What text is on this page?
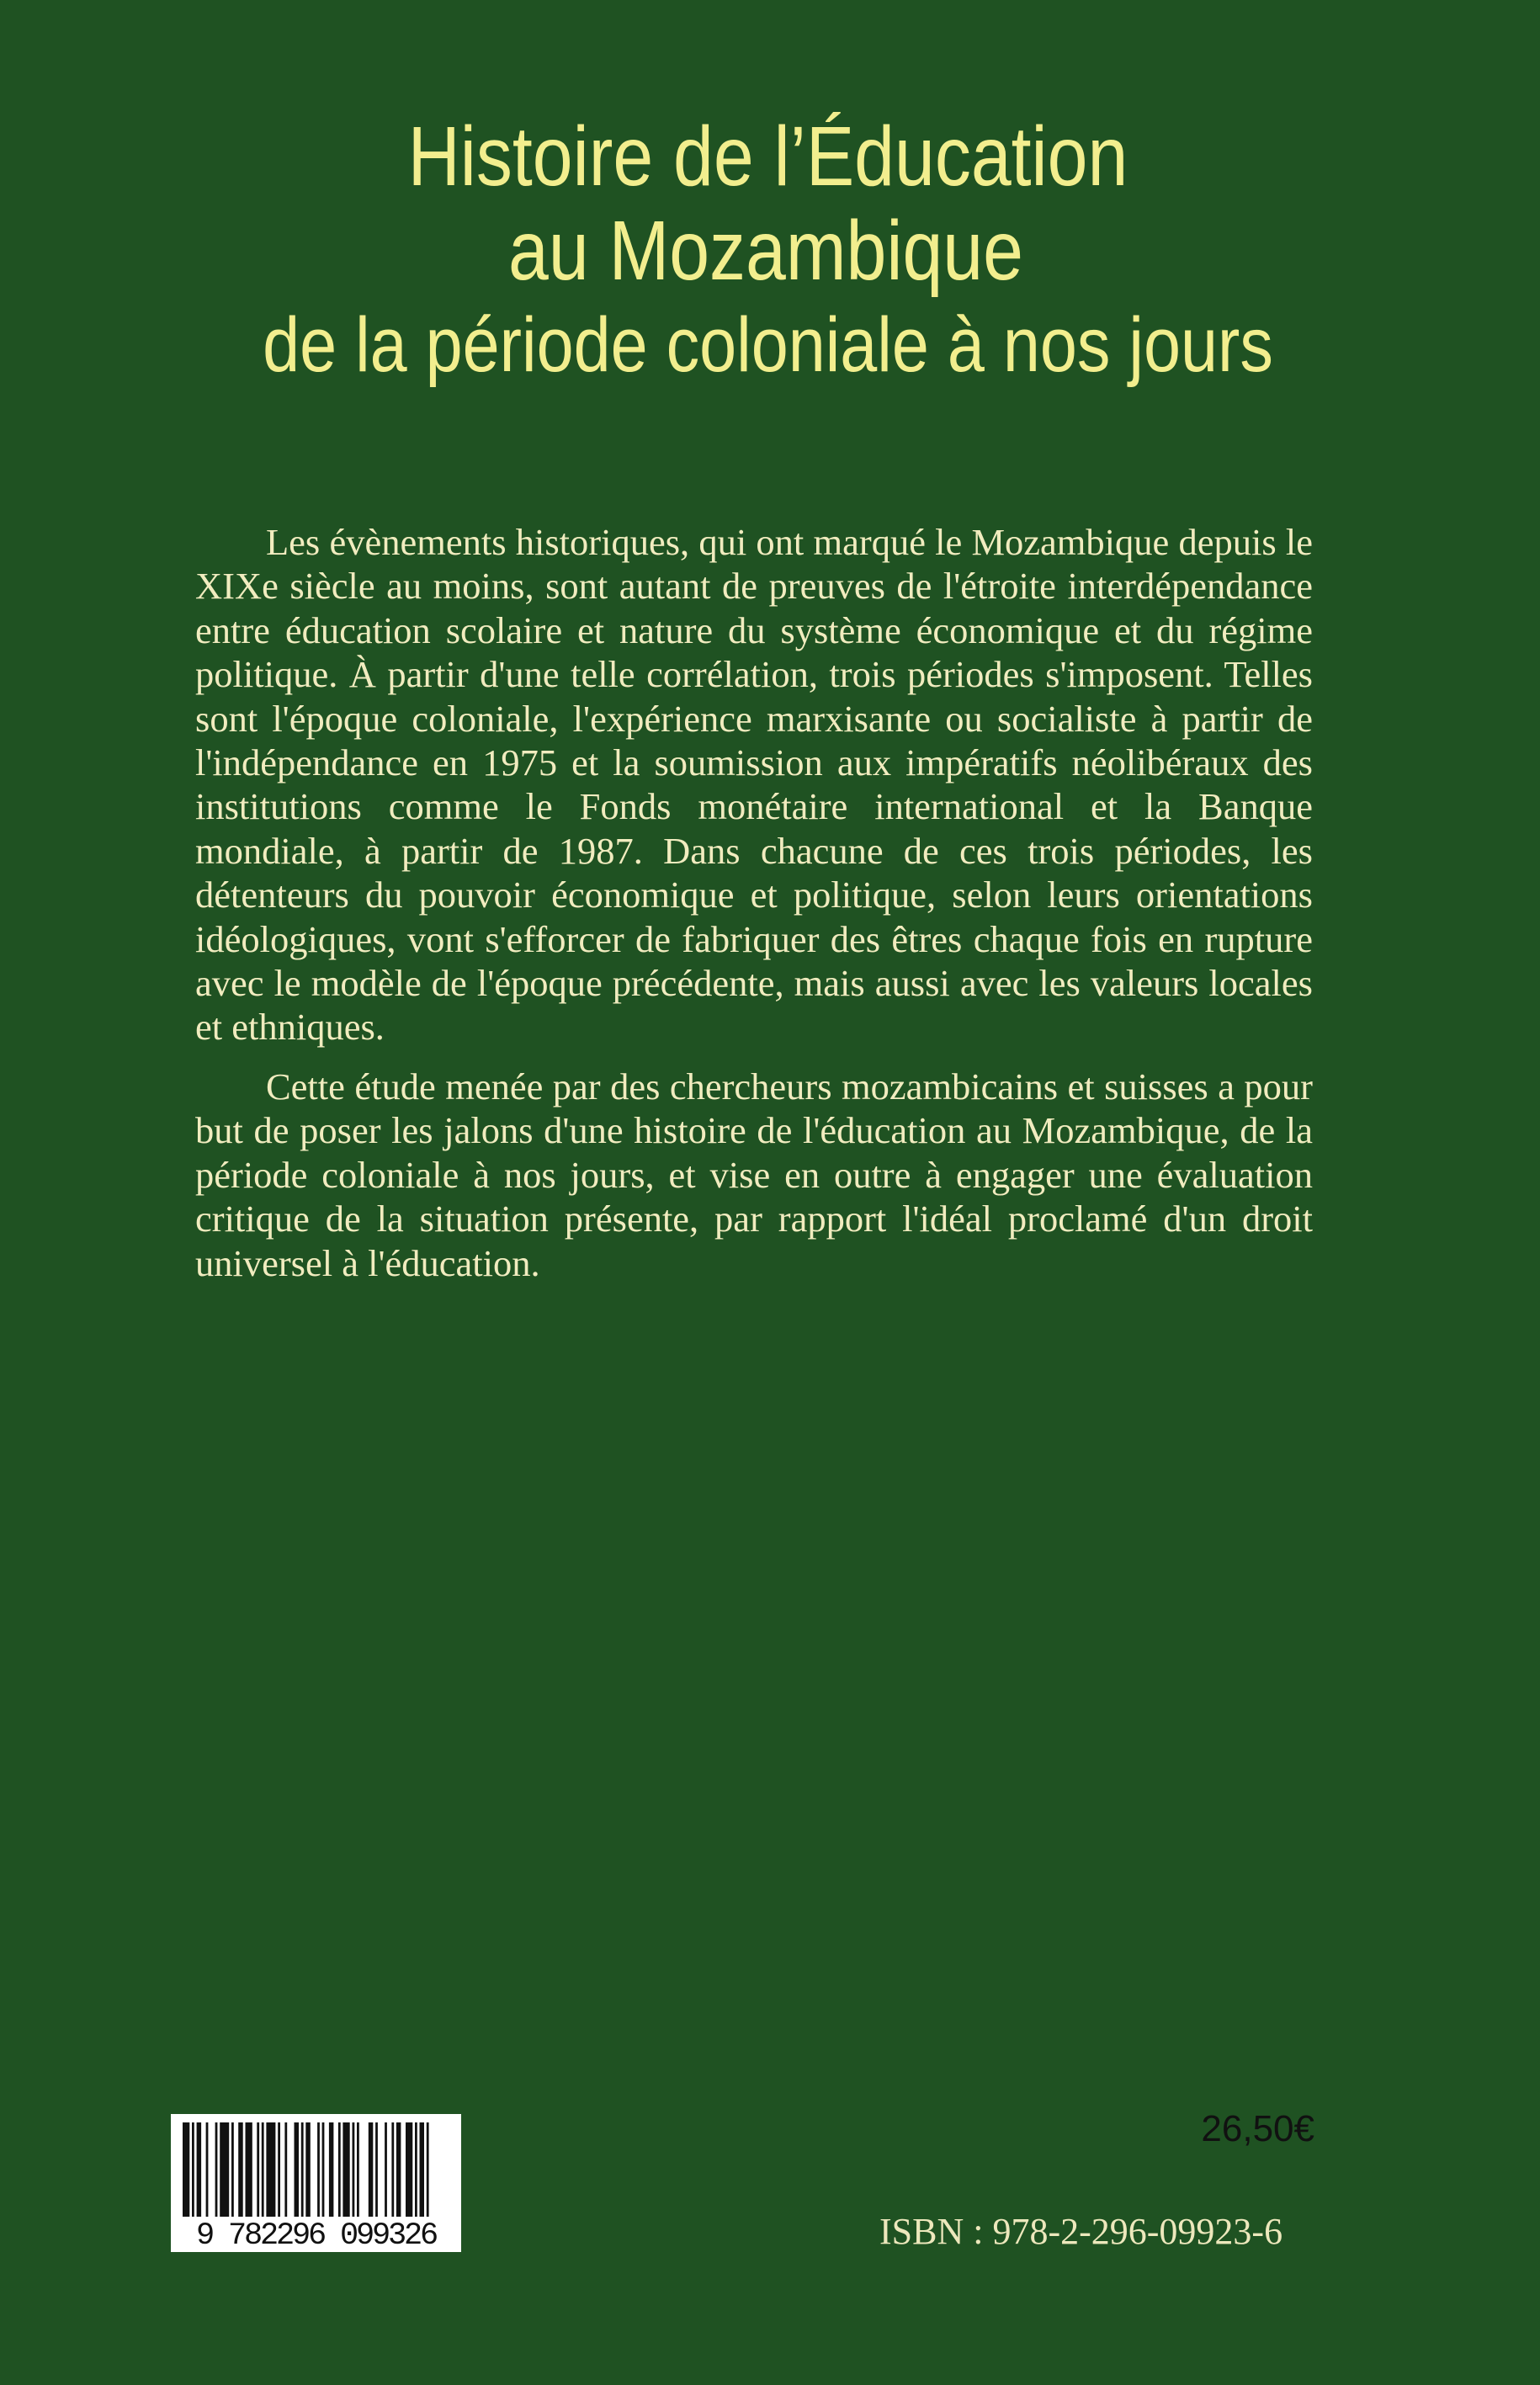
Histoire de l’Éducation
au Mozambique
de la période coloniale à nos jours

Les évènements historiques, qui ont marqué le Mozambique depuis le XIXe siècle au moins, sont autant de preuves de l'étroite interdépendance entre éducation scolaire et nature du système économique et du régime politique. À partir d'une telle corrélation, trois périodes s'imposent. Telles sont l'époque coloniale, l'expérience marxisante ou socialiste à partir de l'indépendance en 1975 et la soumission aux impératifs néolibéraux des institutions comme le Fonds monétaire international et la Banque mondiale, à partir de 1987. Dans chacune de ces trois périodes, les détenteurs du pouvoir économique et politique, selon leurs orientations idéologiques, vont s'efforcer de fabriquer des êtres chaque fois en rupture avec le modèle de l'époque précédente, mais aussi avec les valeurs locales et ethniques.

Cette étude menée par des chercheurs mozambicains et suisses a pour but de poser les jalons d'une histoire de l'éducation au Mozambique, de la période coloniale à nos jours, et vise en outre à engager une évaluation critique de la situation présente, par rapport l'idéal proclamé d'un droit universel à l'éducation.

9 782296 099326
26,50€
ISBN : 978-2-296-09923-6
